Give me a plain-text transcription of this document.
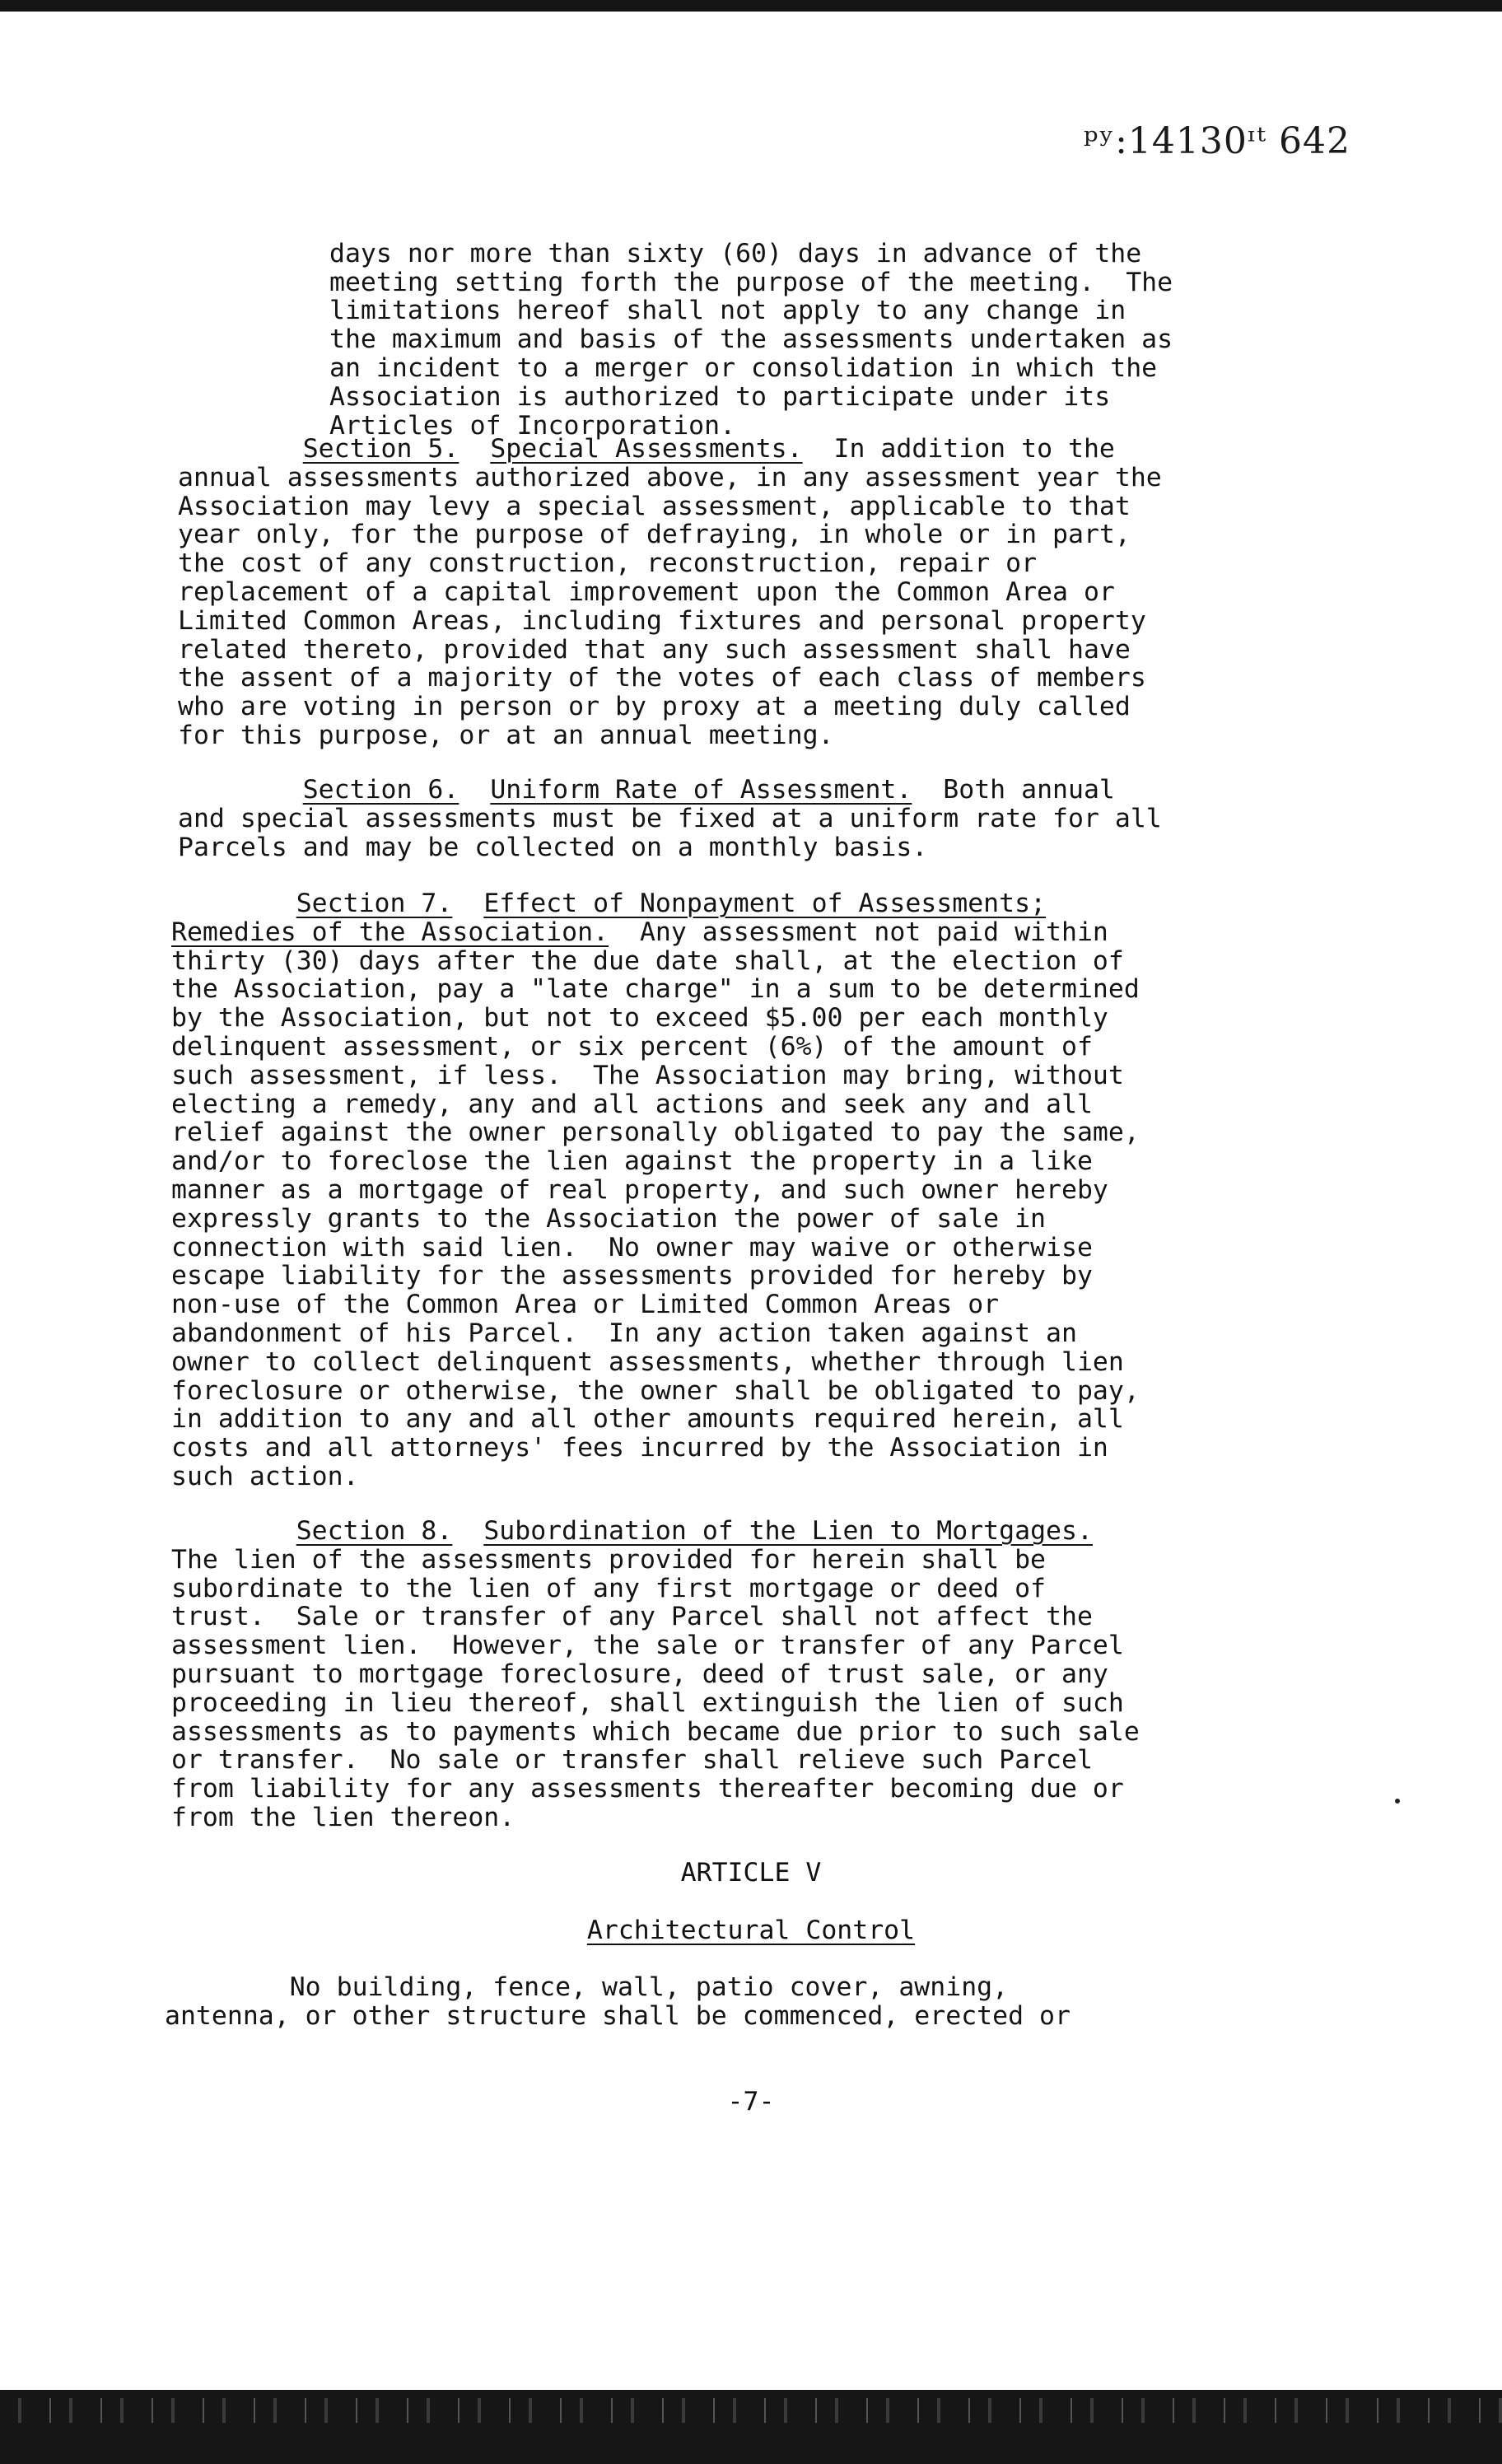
ᵖʸ:14130ᶦᵗ 642

days nor more than sixty (60) days in advance of the
meeting setting forth the purpose of the meeting.  The
limitations hereof shall not apply to any change in
the maximum and basis of the assessments undertaken as
an incident to a merger or consolidation in which the
Association is authorized to participate under its
Articles of Incorporation.
Section 5. Special Assessments.  In addition to the
annual assessments authorized above, in any assessment year the
Association may levy a special assessment, applicable to that
year only, for the purpose of defraying, in whole or in part,
the cost of any construction, reconstruction, repair or
replacement of a capital improvement upon the Common Area or
Limited Common Areas, including fixtures and personal property
related thereto, provided that any such assessment shall have
the assent of a majority of the votes of each class of members
who are voting in person or by proxy at a meeting duly called
for this purpose, or at an annual meeting.
Section 6. Uniform Rate of Assessment.  Both annual
and special assessments must be fixed at a uniform rate for all
Parcels and may be collected on a monthly basis.
Section 7. Effect of Nonpayment of Assessments;
Remedies of the Association.  Any assessment not paid within
thirty (30) days after the due date shall, at the election of
the Association, pay a "late charge" in a sum to be determined
by the Association, but not to exceed $5.00 per each monthly
delinquent assessment, or six percent (6%) of the amount of
such assessment, if less.  The Association may bring, without
electing a remedy, any and all actions and seek any and all
relief against the owner personally obligated to pay the same,
and/or to foreclose the lien against the property in a like
manner as a mortgage of real property, and such owner hereby
expressly grants to the Association the power of sale in
connection with said lien.  No owner may waive or otherwise
escape liability for the assessments provided for hereby by
non-use of the Common Area or Limited Common Areas or
abandonment of his Parcel.  In any action taken against an
owner to collect delinquent assessments, whether through lien
foreclosure or otherwise, the owner shall be obligated to pay,
in addition to any and all other amounts required herein, all
costs and all attorneys' fees incurred by the Association in
such action.
Section 8. Subordination of the Lien to Mortgages.
The lien of the assessments provided for herein shall be
subordinate to the lien of any first mortgage or deed of
trust.  Sale or transfer of any Parcel shall not affect the
assessment lien.  However, the sale or transfer of any Parcel
pursuant to mortgage foreclosure, deed of trust sale, or any
proceeding in lieu thereof, shall extinguish the lien of such
assessments as to payments which became due prior to such sale
or transfer.  No sale or transfer shall relieve such Parcel
from liability for any assessments thereafter becoming due or
from the lien thereon.
ARTICLE V
Architectural Control
No building, fence, wall, patio cover, awning,
antenna, or other structure shall be commenced, erected or
-7-
